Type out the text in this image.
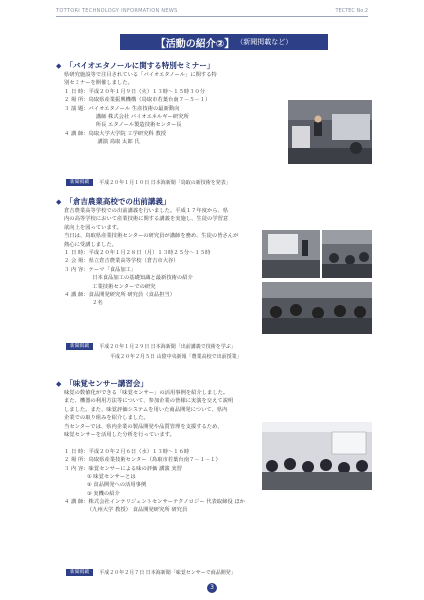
TOTTORI TECHNOLOGY INFORMATION NEWS	TECTEC No.2
【活動の紹介②】 （新聞掲載など）
◆ 「バイオエタノールに関する特別セミナー」
県研究施設等で注目されている「バイオエタノール」に関する特
別セミナーを開催しました。
１ 日 時：平成２０年１月９日（火）１３時～１５時３０分
２ 場 所：鳥取県産業振興機構（鳥取市若葉台南７－５－１）
３ 演 題：バイオエタノール 生産技術の最新動向
　　　　　　講師 株式会社 バイオエネルギー研究所
　　　　　　所長 エタノール製造技術センター長
４ 講 師：鳥取大学大学院 工学研究科 教授
　　　　　　 講演 鳥取 太郎 氏
新聞掲載	平成２０年１月１０日 日本海新聞「鳥取の新技術を発表」
◆ 「倉吉農業高校での出前講義」
倉吉農業高等学校での出前講義を行いました。平成１７年度から、県
内の高等学校において産業技術に関する講義を実施し、生徒の学習意
欲向上を図っています。
当日は、鳥取県産業技術センターの研究員が講師を務め、生徒の皆さんが
熱心に受講しました。
１ 日 時：平成２０年１月２８日（月）１３時２５分～１５時
２ 会 場：県立倉吉農業高等学校（倉吉市大谷）
３ 内 容：テーマ「食品加工」
　　　　　 日本食品加工の基礎知識と最新技術の紹介
　　　　　 工業技術センターでの研究
４ 講 師：食品開発研究所 研究員（食品担当）
　　　　　 ２名
新聞掲載	平成２０年１月２９日 日本海新聞「出前講義で技術を学ぶ」
平成２０年２月５日 山陰中央新報「農業高校で出前授業」
◆ 「味覚センサー講習会」
味覚の数値化ができる「味覚センサー」の活用事例を紹介しました。
また、機器の利用方法等について、参加企業の皆様に実演を交えて説明
しました。また、味覚評価システムを用いた商品開発について、県内
企業での取り組みを紹介しました。
当センターでは、県内企業の製品開発や品質管理を支援するため、
味覚センサーを活用した分析を行っています。
１ 日 時：平成２０年２月６日（水）１３時～１６時
２ 場 所：鳥取県産業技術センター（鳥取市若葉台南７－１－１）
３ 内 容：味覚センサーによる味の評価 講演 実習
　　　　 ① 味覚センサーとは
　　　　 ② 食品開発への活用事例
　　　　 ③ 実機の紹介
４ 講 師：株式会社インテリジェントセンサーテクノロジー 代表取締役 ほか
　　　　 （九州大学 教授） 食品開発研究所 研究員
新聞掲載	平成２０年２月７日 日本海新聞「味覚センサーで商品開発」
3
